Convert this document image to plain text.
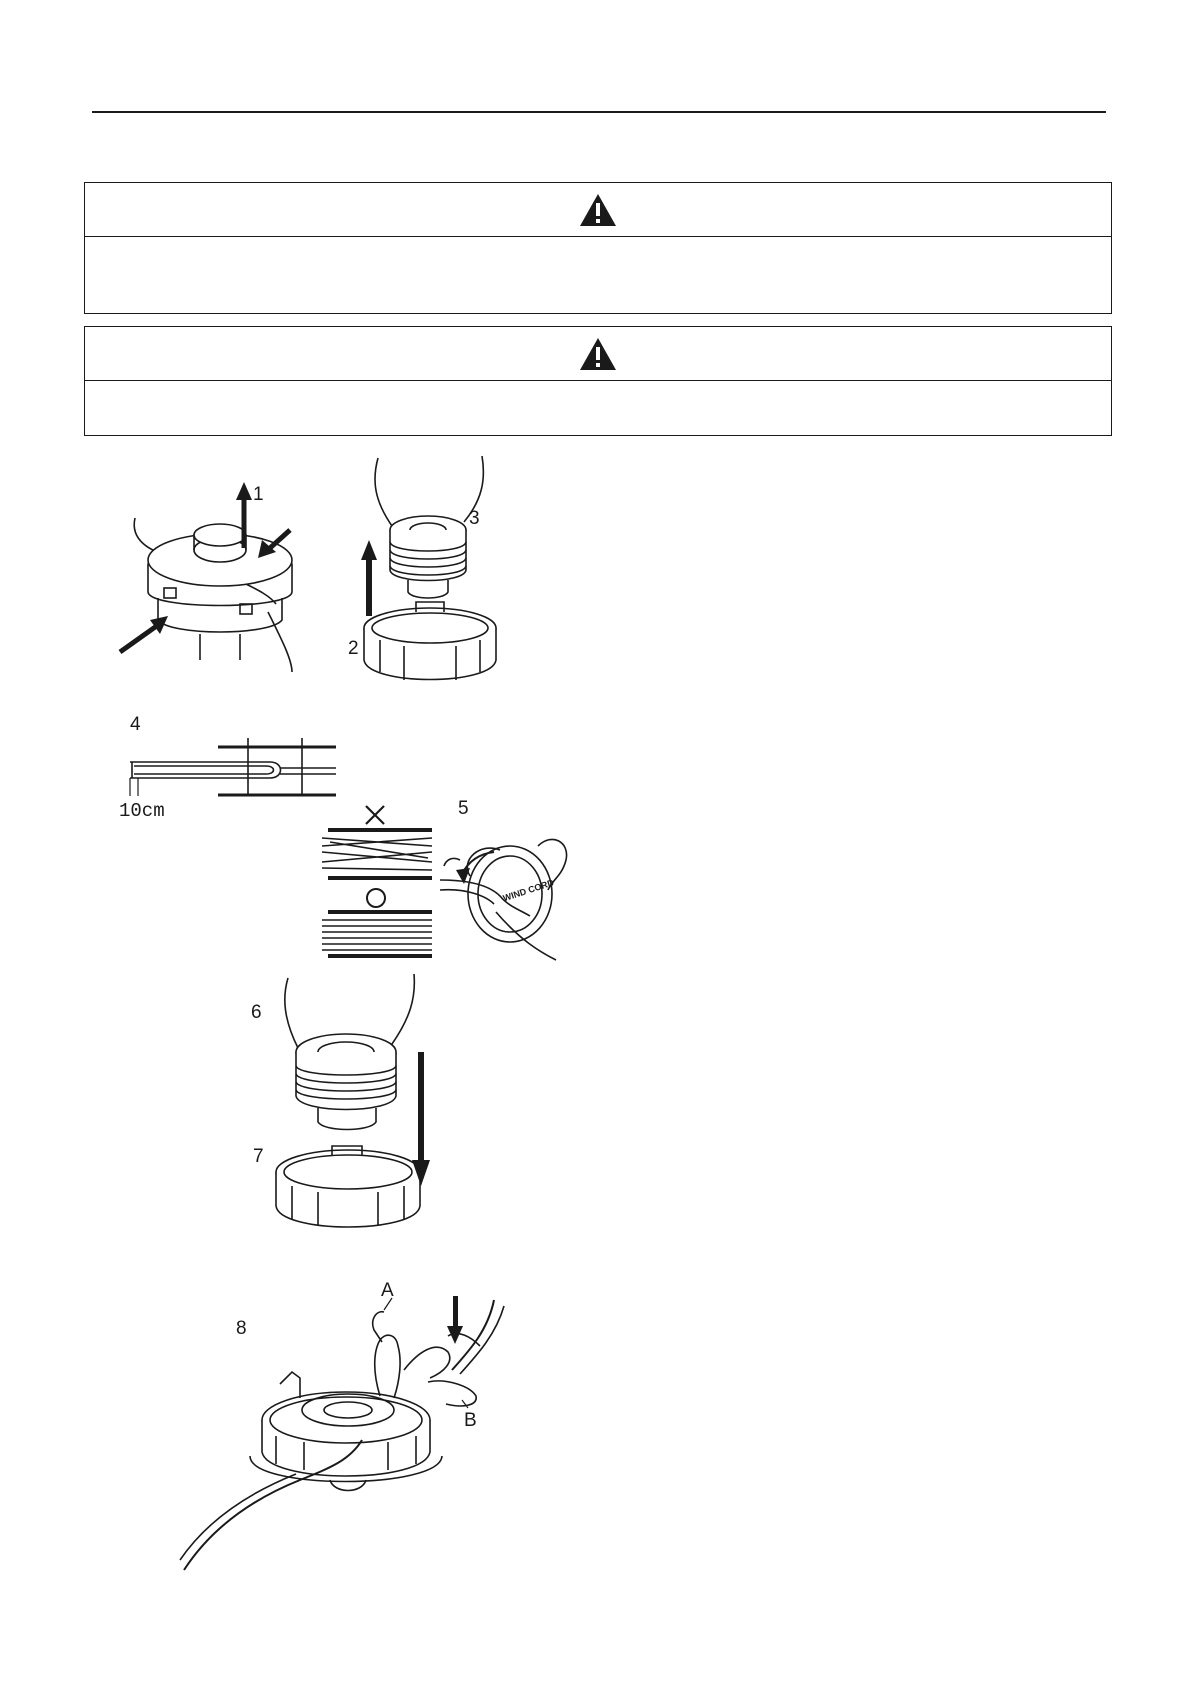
1
2
3
4
10cm
WIND CORD
5
6
7
8
A
B
